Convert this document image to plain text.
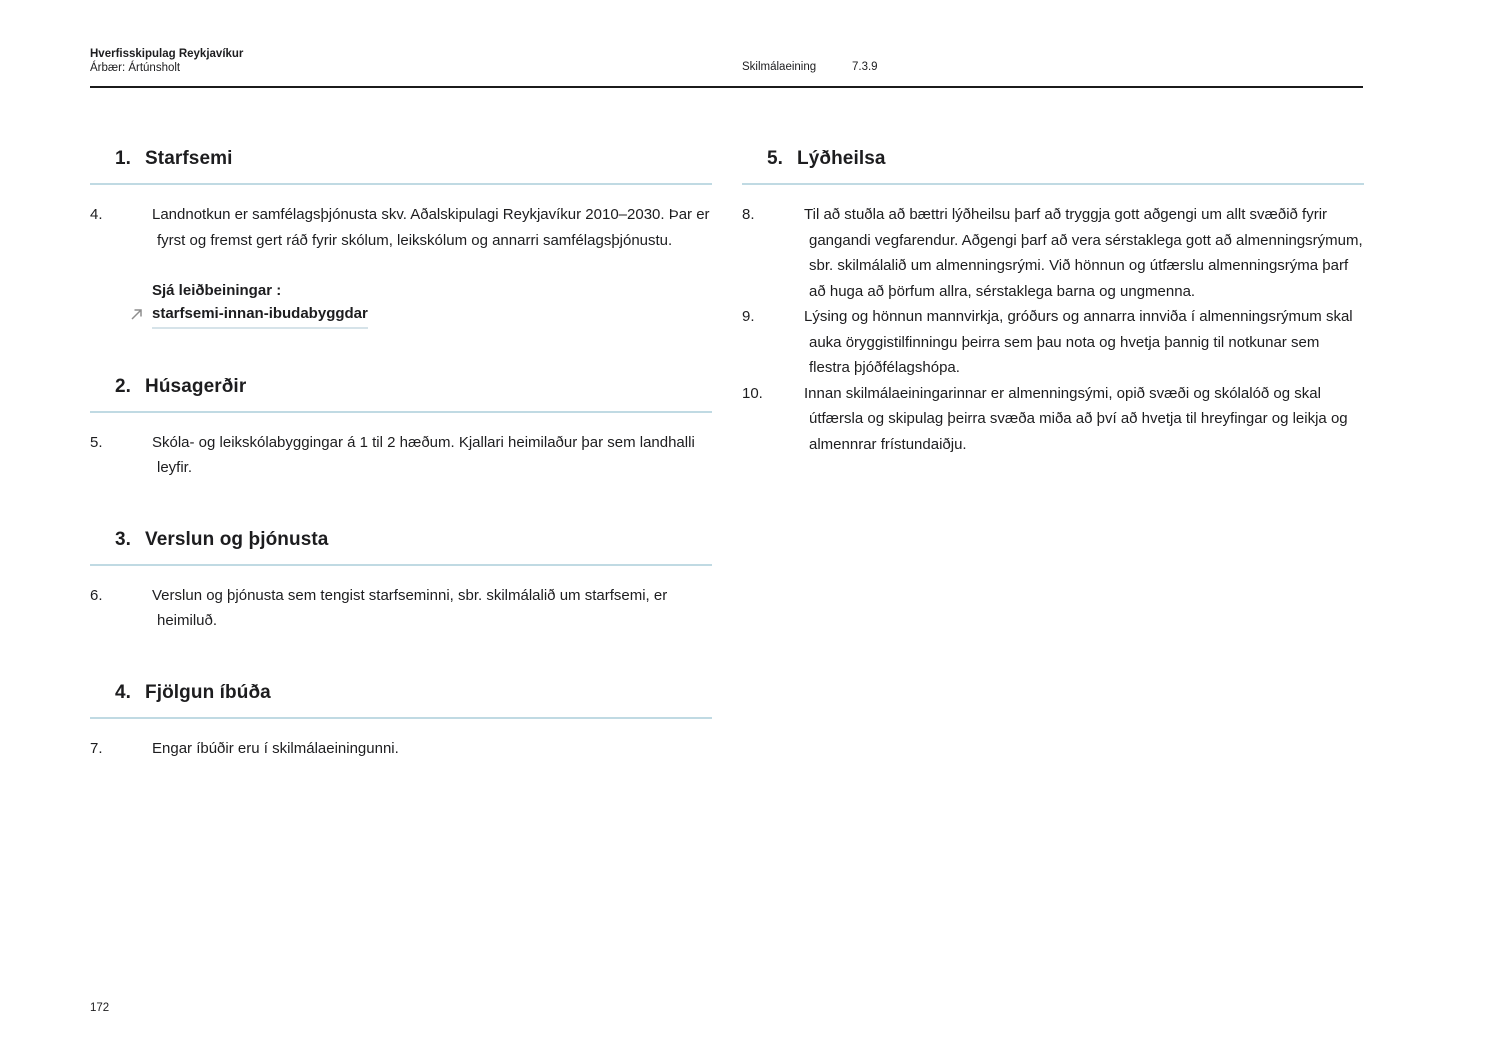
Hverfisskipulag Reykjavíkur
Árbær: Ártúnsholt	Skilmálaeining	7.3.9
1. Starfsemi
4.	Landnotkun er samfélagsþjónusta skv. Aðalskipulagi Reykjavíkur 2010–2030. Þar er fyrst og fremst gert ráð fyrir skólum, leikskólum og annarri samfélagsþjónustu.
Sjá leiðbeiningar :
starfsemi-innan-ibudabyggdar
2. Húsagerðir
5.	Skóla- og leikskólabyggingar á 1 til 2 hæðum. Kjallari heimilaður þar sem landhalli leyfir.
3. Verslun og þjónusta
6.	Verslun og þjónusta sem tengist starfseminni, sbr. skilmálalið um starfsemi, er heimiluð.
4. Fjölgun íbúða
7.	Engar íbúðir eru í skilmálaeiningunni.
5. Lýðheilsa
8.	Til að stuðla að bættri lýðheilsu þarf að tryggja gott aðgengi um allt svæðið fyrir gangandi vegfarendur. Aðgengi þarf að vera sérstaklega gott að almenningsrýmum, sbr. skilmálalið um almenningsrými. Við hönnun og útfærslu almenningsrýma þarf að huga að þörfum allra, sérstaklega barna og ungmenna.
9.	Lýsing og hönnun mannvirkja, gróðurs og annarra innviða í almenningsrýmum skal auka öryggistilfinningu þeirra sem þau nota og hvetja þannig til notkunar sem flestra þjóðfélagshópa.
10.	Innan skilmálaeiningarinnar er almenningsými, opið svæði og skólalóð og skal útfærsla og skipulag þeirra svæða miða að því að hvetja til hreyfingar og leikja og almennrar frístundaiðju.
172
